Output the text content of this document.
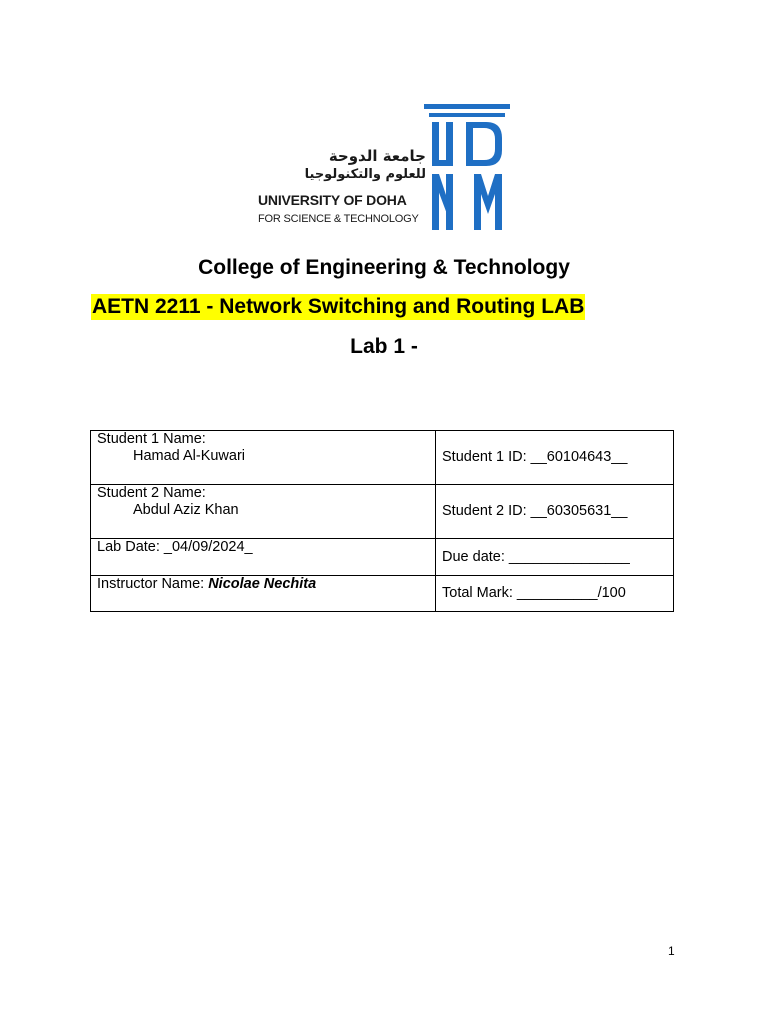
جامعة الدوحة
للعلوم والتكنولوجيا
UNIVERSITY OF DOHA
FOR SCIENCE & TECHNOLOGY
College of Engineering & Technology
AETN 2211 - Network Switching and Routing LAB
Lab 1 -
Student 1 Name:
Hamad Al-Kuwari	Student 1 ID: __60104643__

Student 2 Name:
Abdul Aziz Khan	Student 2 ID: __60305631__
Lab Date: _04/09/2024_	Due date: _______________
Instructor Name: Nicolae Nechita	Total Mark: __________/100
1
